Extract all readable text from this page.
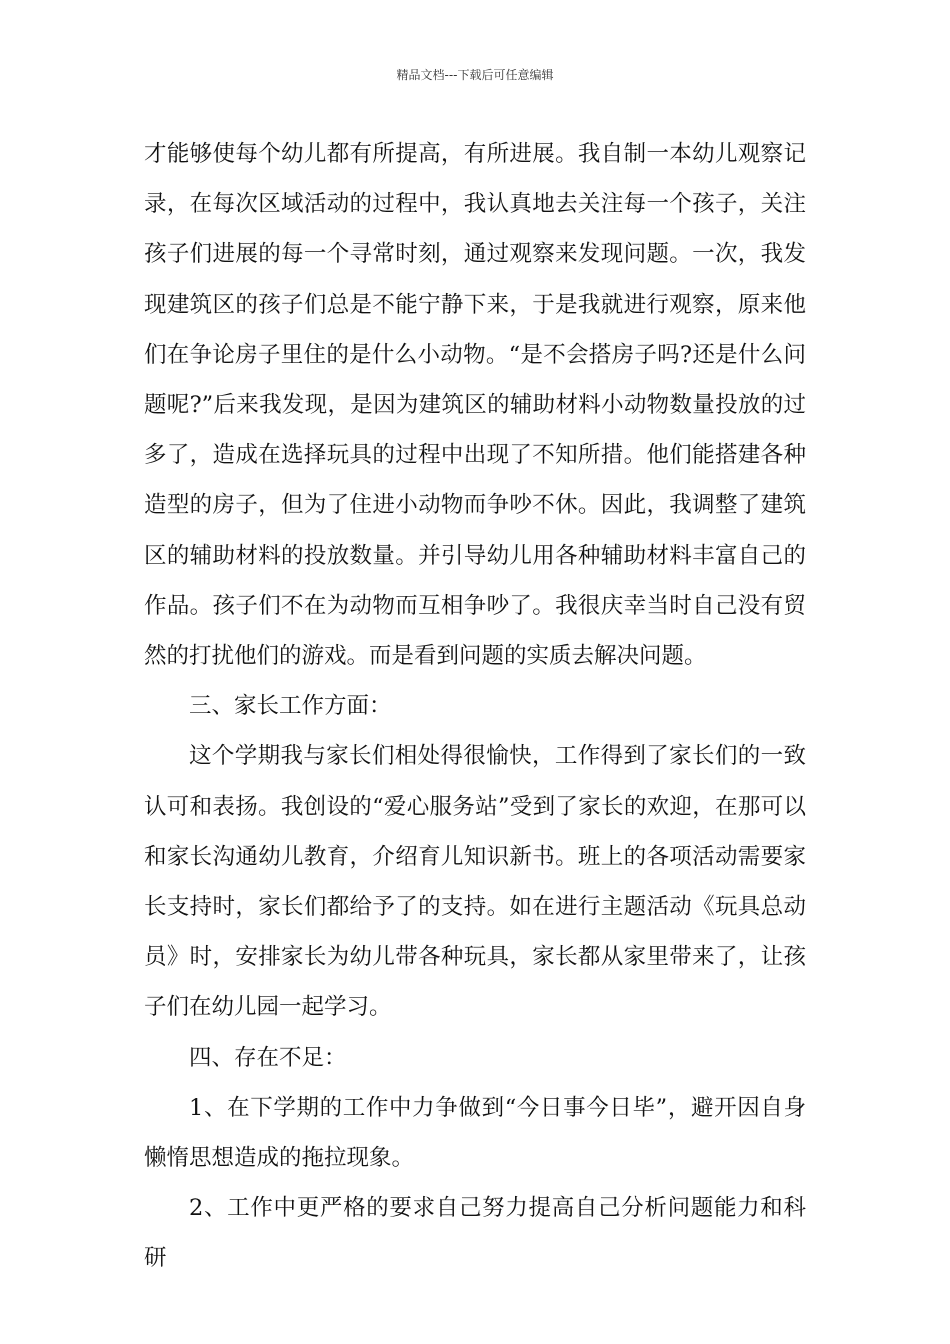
精品文档---下载后可任意编辑

才能够使每个幼儿都有所提高，有所进展。我自制一本幼儿观察记录，在每次区域活动的过程中，我认真地去关注每一个孩子，关注孩子们进展的每一个寻常时刻，通过观察来发现问题。一次，我发现建筑区的孩子们总是不能宁静下来，于是我就进行观察，原来他们在争论房子里住的是什么小动物。“是不会搭房子吗?还是什么问题呢?”后来我发现，是因为建筑区的辅助材料小动物数量投放的过多了，造成在选择玩具的过程中出现了不知所措。他们能搭建各种造型的房子，但为了住进小动物而争吵不休。因此，我调整了建筑区的辅助材料的投放数量。并引导幼儿用各种辅助材料丰富自己的作品。孩子们不在为动物而互相争吵了。我很庆幸当时自己没有贸然的打扰他们的游戏。而是看到问题的实质去解决问题。

三、家长工作方面：

这个学期我与家长们相处得很愉快，工作得到了家长们的一致认可和表扬。我创设的“爱心服务站”受到了家长的欢迎，在那可以和家长沟通幼儿教育，介绍育儿知识新书。班上的各项活动需要家长支持时，家长们都给予了的支持。如在进行主题活动《玩具总动员》时，安排家长为幼儿带各种玩具，家长都从家里带来了，让孩子们在幼儿园一起学习。

四、存在不足：

1、在下学期的工作中力争做到“今日事今日毕”，避开因自身懒惰思想造成的拖拉现象。

2、工作中更严格的要求自己努力提高自己分析问题能力和科研
